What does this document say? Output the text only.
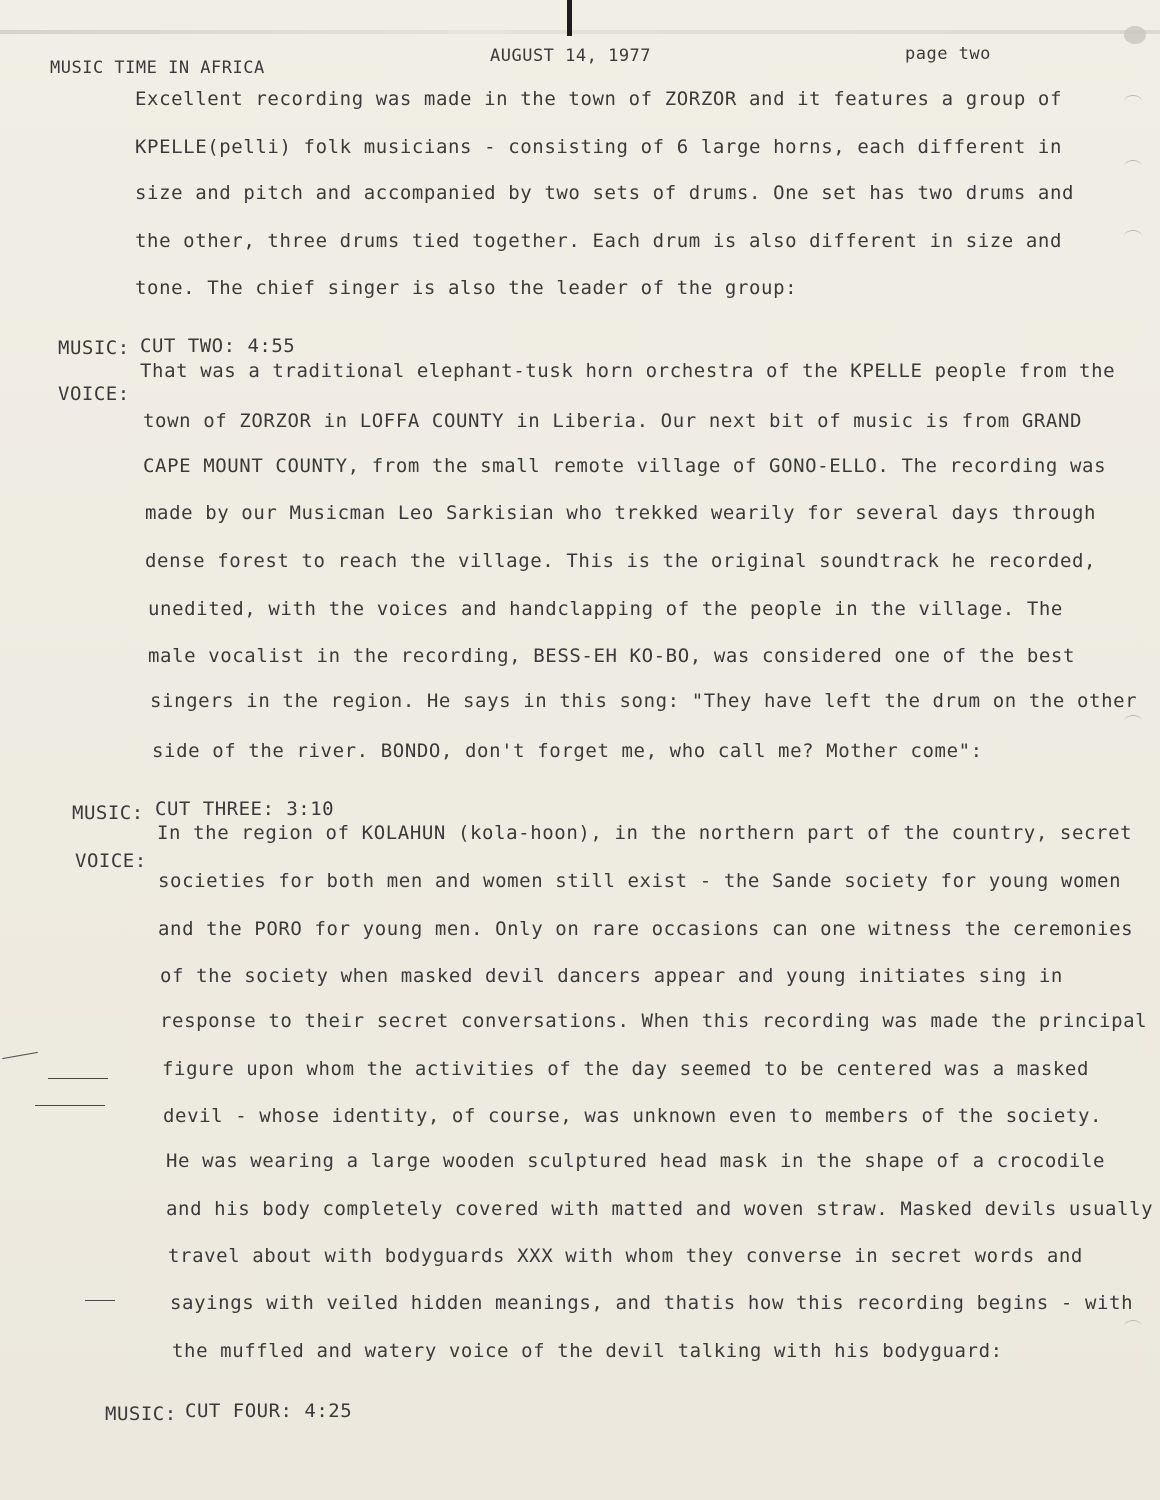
MUSIC TIME IN AFRICA
AUGUST 14, 1977	page two
Excellent recording was made in the town of ZORZOR and it features a group of
KPELLE(pelli) folk musicians - consisting of 6 large horns, each different in
size and pitch and accompanied by two sets of drums. One set has two drums and
the other, three drums tied together. Each drum is also different in size and
tone. The chief singer is also the leader of the group:
MUSIC: CUT TWO: 4:55
VOICE:
That was a traditional elephant-tusk horn orchestra of the KPELLE people from the
town of ZORZOR in LOFFA COUNTY in Liberia. Our next bit of music is from GRAND
CAPE MOUNT COUNTY, from the small remote village of GONO-ELLO. The recording was
made by our Musicman Leo Sarkisian who trekked wearily for several days through
dense forest to reach the village. This is the original soundtrack he recorded,
unedited, with the voices and handclapping of the people in the village. The
male vocalist in the recording, BESS-EH KO-BO, was considered one of the best
singers in the region. He says in this song: "They have left the drum on the other
side of the river. BONDO, don't forget me, who call me? Mother come":
MUSIC: CUT THREE: 3:10
VOICE:
In the region of KOLAHUN (kola-hoon), in the northern part of the country, secret
societies for both men and women still exist - the Sande society for young women
and the PORO for young men. Only on rare occasions can one witness the ceremonies
of the society when masked devil dancers appear and young initiates sing in
response to their secret conversations. When this recording was made the principal
figure upon whom the activities of the day seemed to be centered was a masked
devil - whose identity, of course, was unknown even to members of the society.
He was wearing a large wooden sculptured head mask in the shape of a crocodile
and his body completely covered with matted and woven straw. Masked devils usually
travel about with bodyguards XXX with whom they converse in secret words and
sayings with veiled hidden meanings, and thatis how this recording begins - with
the muffled and watery voice of the devil talking with his bodyguard:
MUSIC: CUT FOUR: 4:25
